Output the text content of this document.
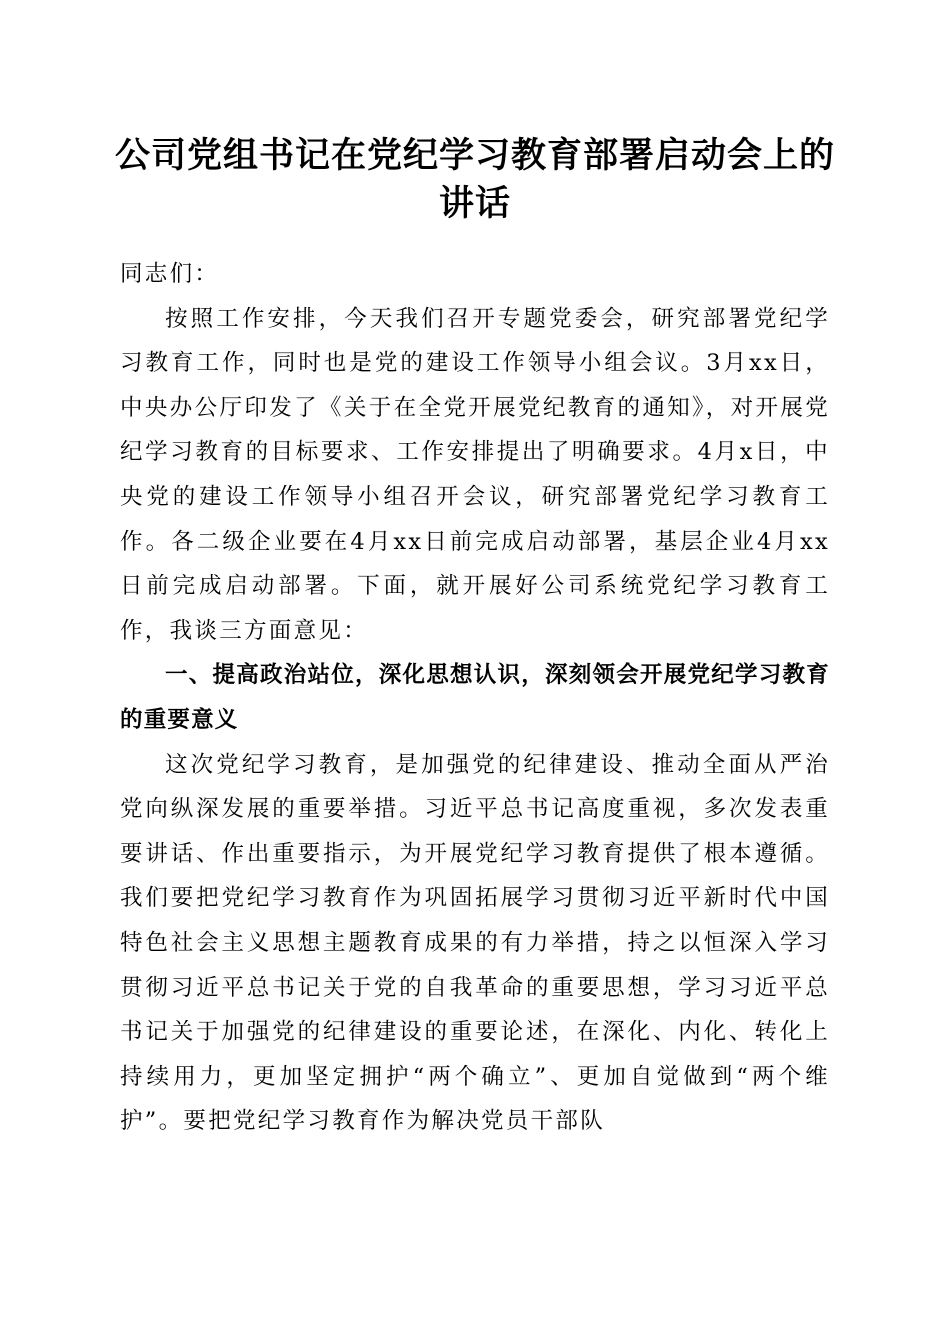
公司党组书记在党纪学习教育部署启动会上的
讲话

同志们：

按照工作安排，今天我们召开专题党委会，研究部署党纪学习教育工作，同时也是党的建设工作领导小组会议。3月xx日，中央办公厅印发了《关于在全党开展党纪教育的通知》，对开展党纪学习教育的目标要求、工作安排提出了明确要求。4月x日，中央党的建设工作领导小组召开会议，研究部署党纪学习教育工作。各二级企业要在4月xx日前完成启动部署，基层企业4月xx日前完成启动部署。下面，就开展好公司系统党纪学习教育工作，我谈三方面意见：

一、提高政治站位，深化思想认识，深刻领会开展党纪学习教育的重要意义

这次党纪学习教育，是加强党的纪律建设、推动全面从严治党向纵深发展的重要举措。习近平总书记高度重视，多次发表重要讲话、作出重要指示，为开展党纪学习教育提供了根本遵循。我们要把党纪学习教育作为巩固拓展学习贯彻习近平新时代中国特色社会主义思想主题教育成果的有力举措，持之以恒深入学习贯彻习近平总书记关于党的自我革命的重要思想，学习习近平总书记关于加强党的纪律建设的重要论述，在深化、内化、转化上持续用力，更加坚定拥护“两个确立”、更加自觉做到“两个维护”。要把党纪学习教育作为解决党员干部队
